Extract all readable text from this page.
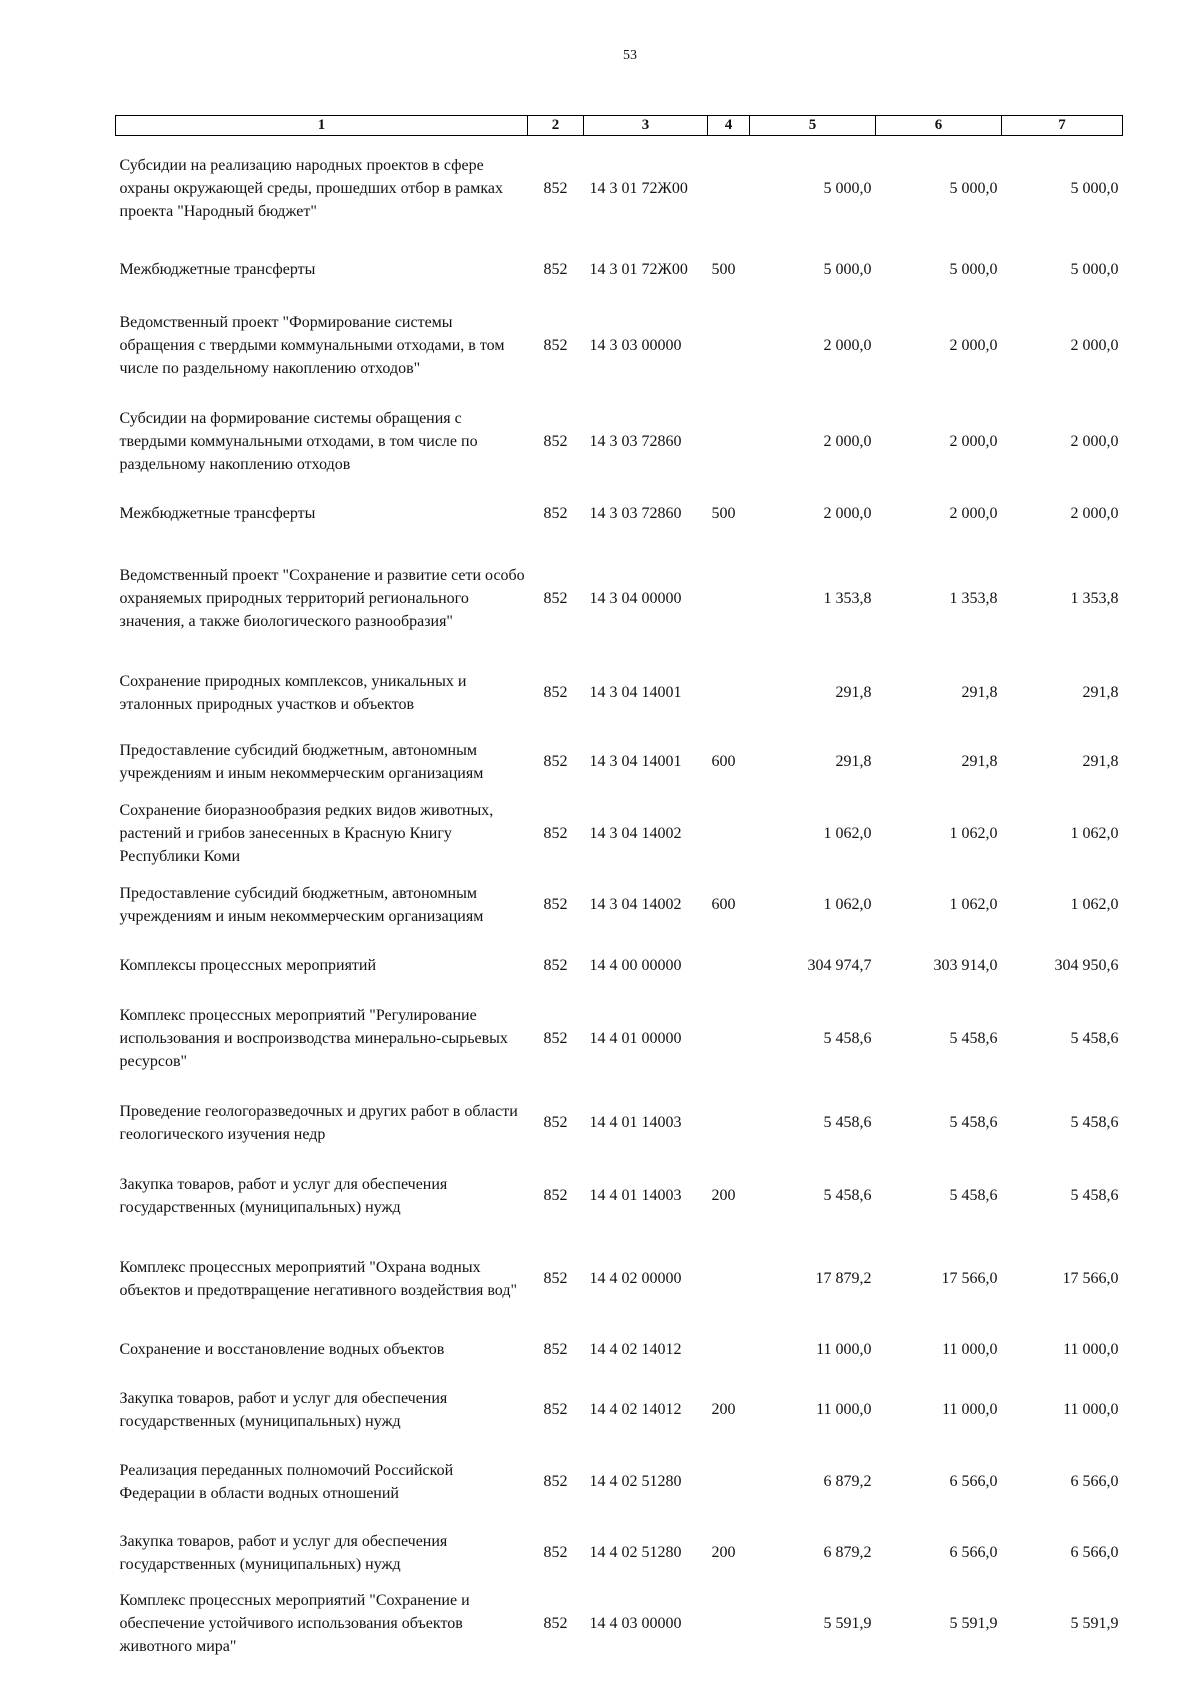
53
1	2	3	4	5	6	7
Субсидии на реализацию народных проектов в сфере охраны окружающей среды, прошедших отбор в рамках проекта "Народный бюджет"	852	14 3 01 72Ж00		5 000,0	5 000,0	5 000,0
Межбюджетные трансферты	852	14 3 01 72Ж00	500	5 000,0	5 000,0	5 000,0
Ведомственный проект "Формирование системы обращения с твердыми коммунальными отходами, в том числе по раздельному накоплению отходов"	852	14 3 03 00000		2 000,0	2 000,0	2 000,0
Субсидии на формирование системы обращения с твердыми коммунальными отходами, в том числе по раздельному накоплению отходов	852	14 3 03 72860		2 000,0	2 000,0	2 000,0
Межбюджетные трансферты	852	14 3 03 72860	500	2 000,0	2 000,0	2 000,0
Ведомственный проект "Сохранение и развитие сети особо охраняемых природных территорий регионального значения, а также биологического разнообразия"	852	14 3 04 00000		1 353,8	1 353,8	1 353,8
Сохранение природных комплексов, уникальных и эталонных природных участков и объектов	852	14 3 04 14001		291,8	291,8	291,8
Предоставление субсидий бюджетным, автономным учреждениям и иным некоммерческим организациям	852	14 3 04 14001	600	291,8	291,8	291,8
Сохранение биоразнообразия редких видов животных, растений и грибов занесенных в Красную Книгу Республики Коми	852	14 3 04 14002		1 062,0	1 062,0	1 062,0
Предоставление субсидий бюджетным, автономным учреждениям и иным некоммерческим организациям	852	14 3 04 14002	600	1 062,0	1 062,0	1 062,0
Комплексы процессных мероприятий	852	14 4 00 00000		304 974,7	303 914,0	304 950,6
Комплекс процессных мероприятий "Регулирование использования и воспроизводства минерально-сырьевых ресурсов"	852	14 4 01 00000		5 458,6	5 458,6	5 458,6
Проведение геологоразведочных и других работ в области геологического изучения недр	852	14 4 01 14003		5 458,6	5 458,6	5 458,6
Закупка товаров, работ и услуг для обеспечения государственных (муниципальных) нужд	852	14 4 01 14003	200	5 458,6	5 458,6	5 458,6
Комплекс процессных мероприятий "Охрана водных объектов и предотвращение негативного воздействия вод"	852	14 4 02 00000		17 879,2	17 566,0	17 566,0
Сохранение и восстановление водных объектов	852	14 4 02 14012		11 000,0	11 000,0	11 000,0
Закупка товаров, работ и услуг для обеспечения государственных (муниципальных) нужд	852	14 4 02 14012	200	11 000,0	11 000,0	11 000,0
Реализация переданных полномочий Российской Федерации в области водных отношений	852	14 4 02 51280		6 879,2	6 566,0	6 566,0
Закупка товаров, работ и услуг для обеспечения государственных (муниципальных) нужд	852	14 4 02 51280	200	6 879,2	6 566,0	6 566,0
Комплекс процессных мероприятий "Сохранение и обеспечение устойчивого использования объектов животного мира"	852	14 4 03 00000		5 591,9	5 591,9	5 591,9
